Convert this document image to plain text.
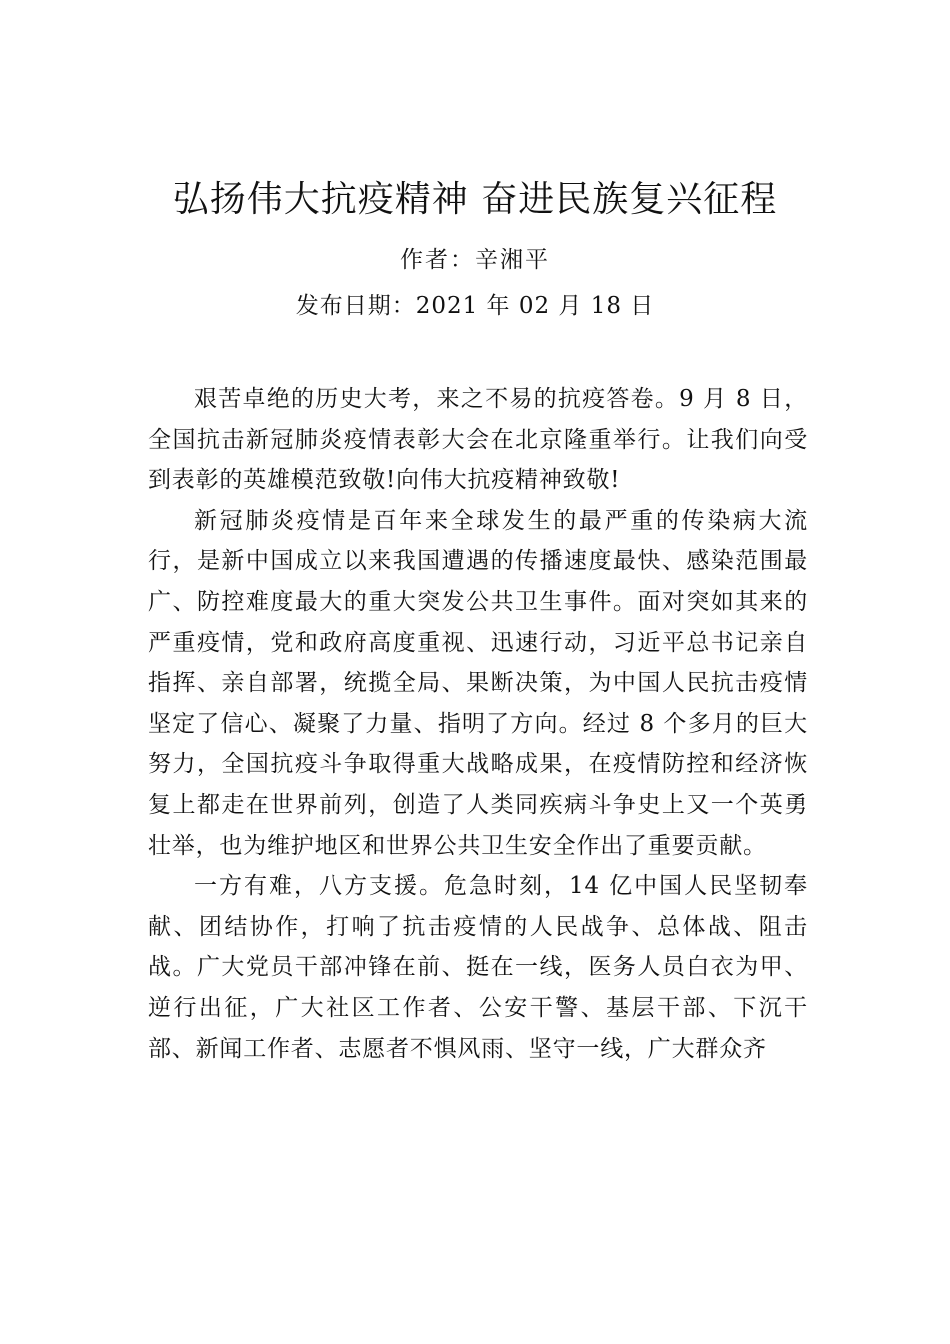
弘扬伟大抗疫精神 奋进民族复兴征程
作者：辛湘平
发布日期：2021 年 02 月 18 日

艰苦卓绝的历史大考，来之不易的抗疫答卷。9 月 8 日，全国抗击新冠肺炎疫情表彰大会在北京隆重举行。让我们向受到表彰的英雄模范致敬!向伟大抗疫精神致敬!

新冠肺炎疫情是百年来全球发生的最严重的传染病大流行，是新中国成立以来我国遭遇的传播速度最快、感染范围最广、防控难度最大的重大突发公共卫生事件。面对突如其来的严重疫情，党和政府高度重视、迅速行动，习近平总书记亲自指挥、亲自部署，统揽全局、果断决策，为中国人民抗击疫情坚定了信心、凝聚了力量、指明了方向。经过 8 个多月的巨大努力，全国抗疫斗争取得重大战略成果，在疫情防控和经济恢复上都走在世界前列，创造了人类同疾病斗争史上又一个英勇壮举，也为维护地区和世界公共卫生安全作出了重要贡献。

一方有难，八方支援。危急时刻，14 亿中国人民坚韧奉献、团结协作，打响了抗击疫情的人民战争、总体战、阻击战。广大党员干部冲锋在前、挺在一线，医务人员白衣为甲、逆行出征，广大社区工作者、公安干警、基层干部、下沉干部、新闻工作者、志愿者不惧风雨、坚守一线，广大群众齐
